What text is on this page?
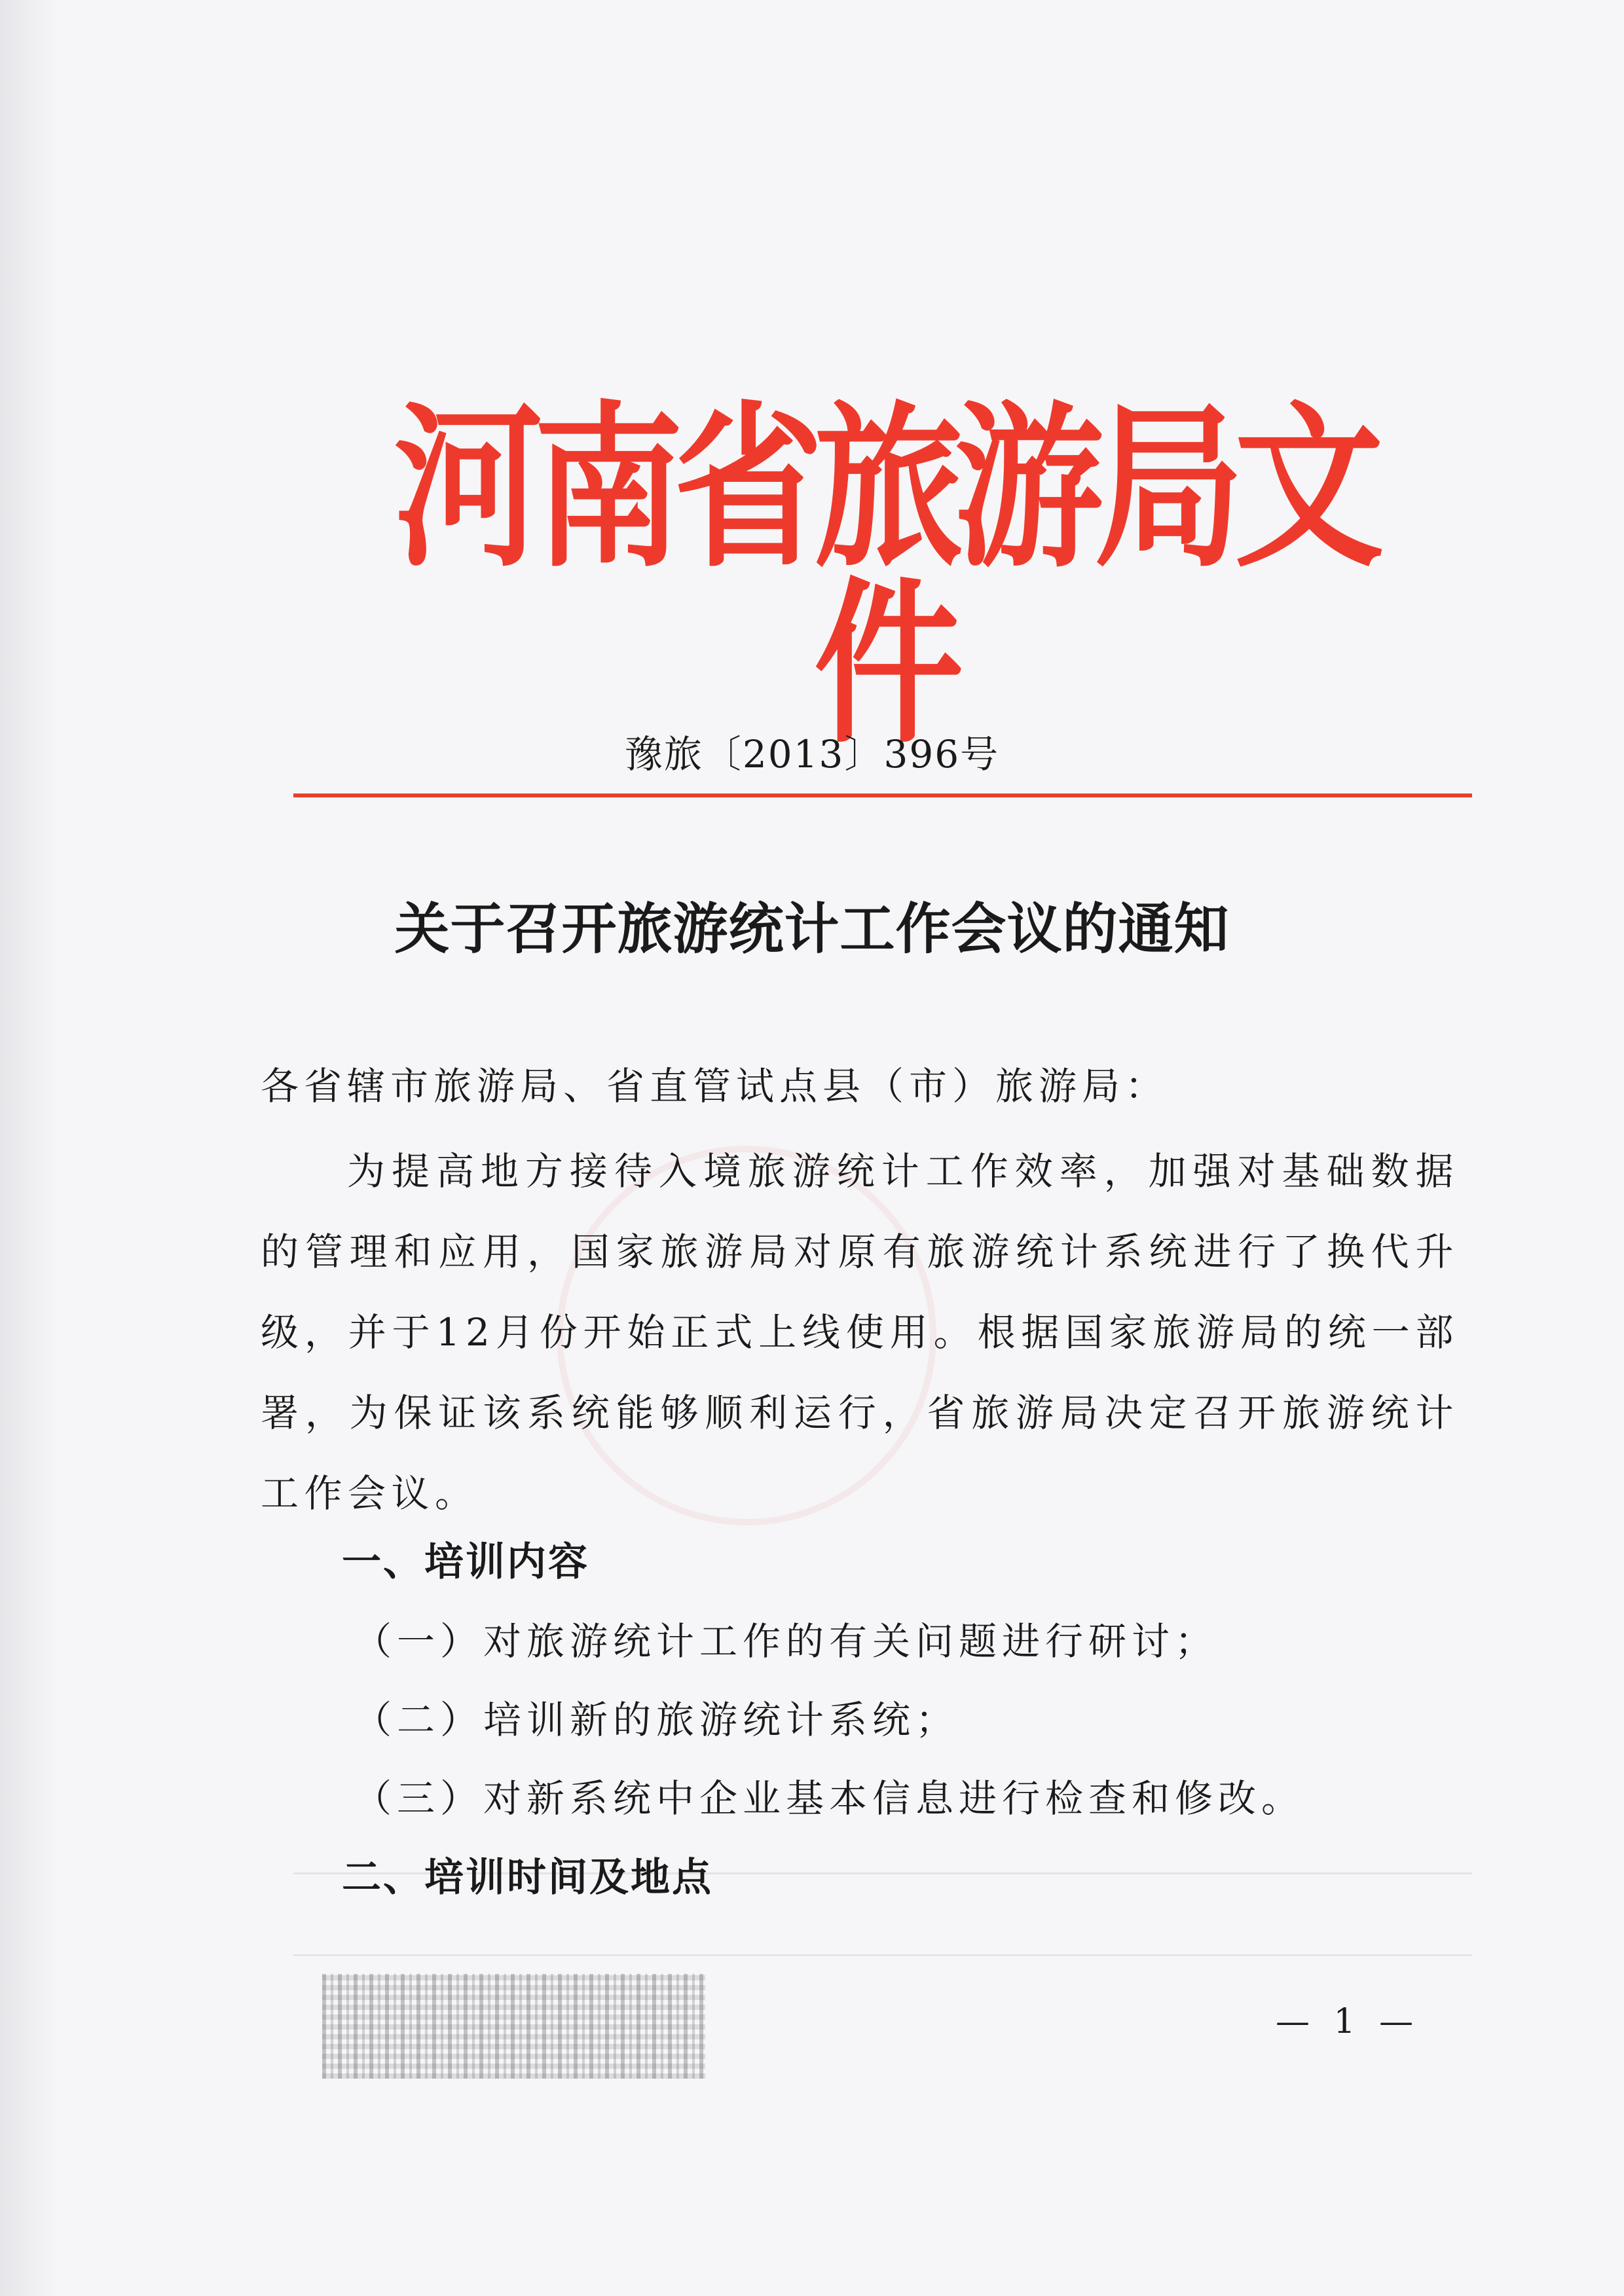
河南省旅游局文件
豫旅〔2013〕396号
关于召开旅游统计工作会议的通知
各省辖市旅游局、省直管试点县（市）旅游局：
为提高地方接待入境旅游统计工作效率，加强对基础数据的管理和应用，国家旅游局对原有旅游统计系统进行了换代升级，并于12月份开始正式上线使用。根据国家旅游局的统一部署，为保证该系统能够顺利运行，省旅游局决定召开旅游统计工作会议。
一、培训内容
（一）对旅游统计工作的有关问题进行研讨；
（二）培训新的旅游统计系统；
（三）对新系统中企业基本信息进行检查和修改。
二、培训时间及地点
— 1 —
